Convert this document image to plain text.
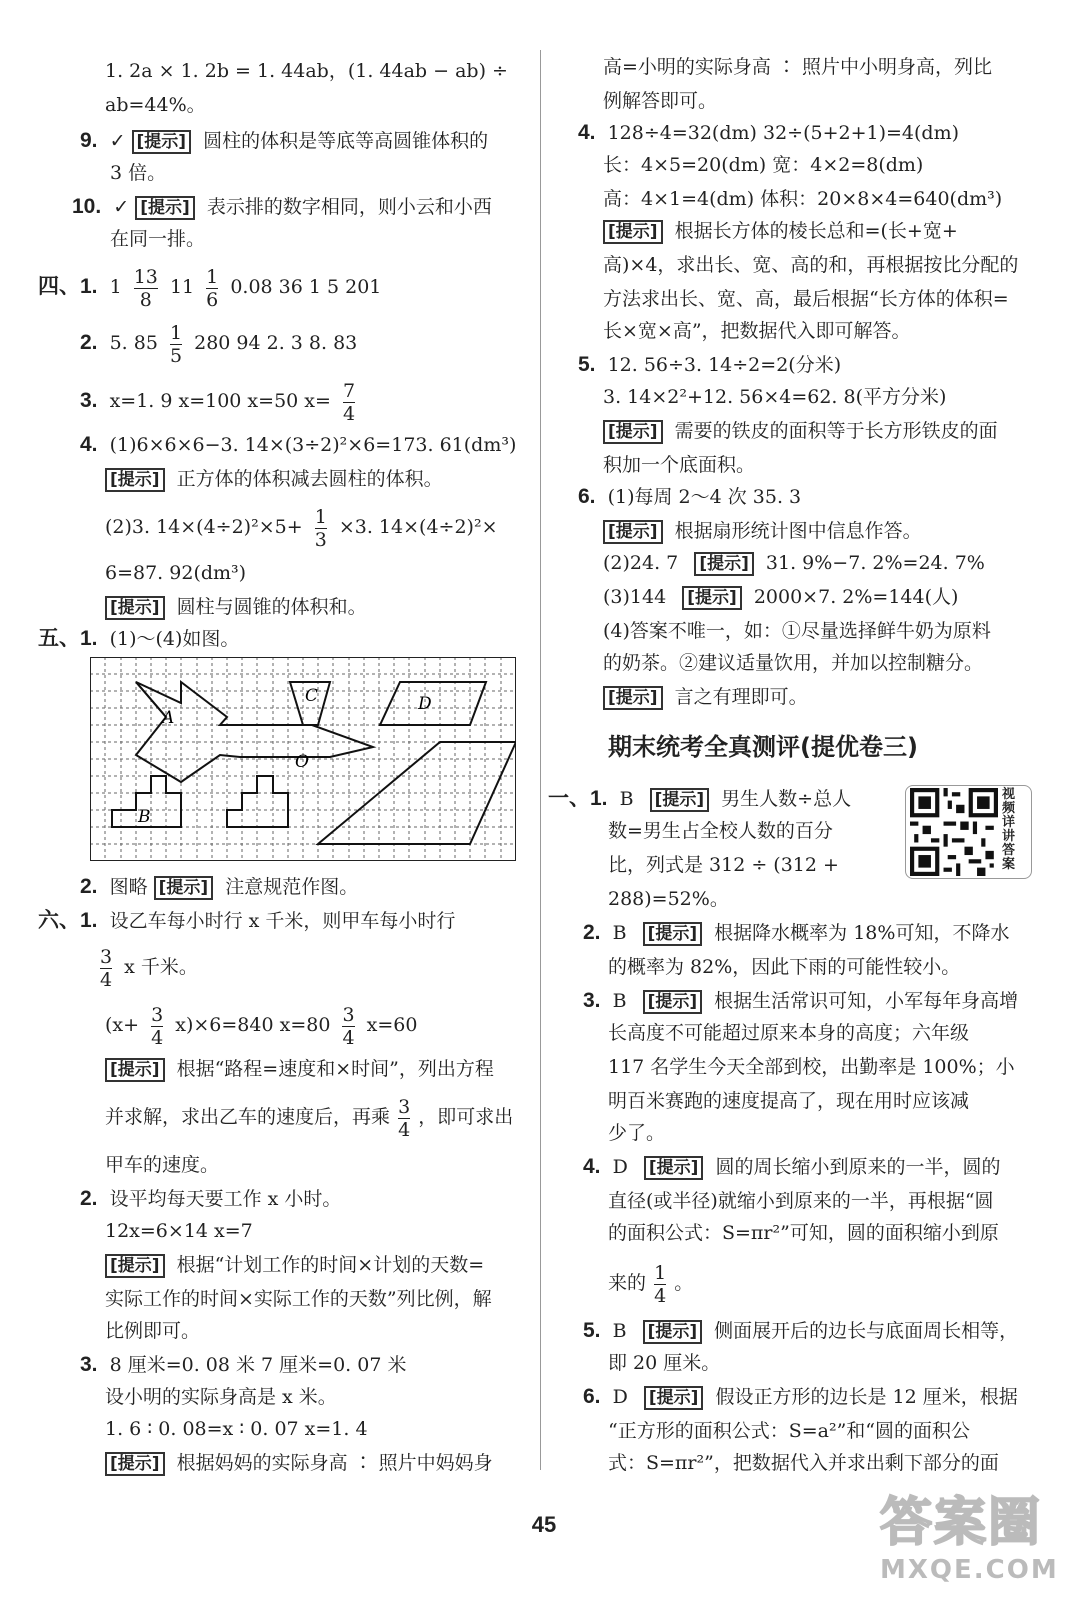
1. 2a × 1. 2b = 1. 44ab，(1. 44ab − ab) ÷
ab=44%。
9. ✓ [提示] 圆柱的体积是等底等高圆锥体积的
3 倍。
10. ✓ [提示] 表示排的数字相同，则小云和小西
在同一排。
四、1. $1 \frac{13}{8} 11 \frac{1}{6} 0.08$ 36 1 5 201
2. 5. $85 \frac{1}{5} 280$ 94 2. 3 8. 83
3. x=1. 9 x=100 x=50 $x= \frac{7}{4}$
4. (1)6×6×6−3. 14×(3÷2)²×6=173. 61(dm³)
[提示] 正方体的体积减去圆柱的体积。
(2)3. $14\times(4\div 2)^2\times 5+ \frac{1}{3} \times 3$. 14×(4÷2)²×
6=87. 92(dm³)
[提示] 圆柱与圆锥的体积和。
五、1. (1)～(4)如图。
A
B
C	D
O
2. 图略 [提示] 注意规范作图。
六、1. 设乙车每小时行 x 千米，则甲车每小时行
$\frac{3}{4}$ x 千米。
$(x+ \frac{3}{4} x)\times 6=840$ $x=80 \frac{3}{4} x=60$
[提示] 根据“路程=速度和×时间”，列出方程
并求解，求出乙车的速度后，再乘 $\frac{3}{4}$ ，即可求出
甲车的速度。
2. 设平均每天要工作 x 小时。
12x=6×14 x=7
[提示] 根据“计划工作的时间×计划的天数=
实际工作的时间×实际工作的天数”列比例，解
比例即可。
3. 8 厘米=0. 08 米 7 厘米=0. 07 米
设小明的实际身高是 x 米。
1. 6 ∶ 0. 08=x ∶ 0. 07 x=1. 4
[提示] 根据妈妈的实际身高 ∶ 照片中妈妈身
高=小明的实际身高 ∶ 照片中小明身高，列比
例解答即可。
4. 128÷4=32(dm) 32÷(5+2+1)=4(dm)
长：4×5=20(dm) 宽：4×2=8(dm)
高：4×1=4(dm) 体积：20×8×4=640(dm³)
[提示] 根据长方体的棱长总和=(长+宽+
高)×4，求出长、宽、高的和，再根据按比分配的
方法求出长、宽、高，最后根据“长方体的体积=
长×宽×高”，把数据代入即可解答。
5. 12. 56÷3. 14÷2=2(分米)
3. 14×2²+12. 56×4=62. 8(平方分米)
[提示] 需要的铁皮的面积等于长方形铁皮的面
积加一个底面积。
6. (1)每周 2～4 次 35. 3
[提示] 根据扇形统计图中信息作答。
(2)24. 7 [提示] 31. 9%−7. 2%=24. 7%
(3)144 [提示] 2000×7. 2%=144(人)
(4)答案不唯一，如：①尽量选择鲜牛奶为原料
的奶茶。②建议适量饮用，并加以控制糖分。
[提示] 言之有理即可。
期末统考全真测评(提优卷三)
一、1. B [提示] 男生人数÷总人
数=男生占全校人数的百分
比，列式是 312 ÷ (312 +
288)=52%。
2. B [提示] 根据降水概率为 18%可知，不降水
的概率为 82%，因此下雨的可能性较小。
3. B [提示] 根据生活常识可知，小军每年身高增
长高度不可能超过原来本身的高度；六年级
117 名学生今天全部到校，出勤率是 100%；小
明百米赛跑的速度提高了，现在用时应该减
少了。
4. D [提示] 圆的周长缩小到原来的一半，圆的
直径(或半径)就缩小到原来的一半，再根据“圆
的面积公式：S=πr²”可知，圆的面积缩小到原
来的 $\frac{1}{4}$ 。
5. B [提示] 侧面展开后的边长与底面周长相等，
即 20 厘米。
6. D [提示] 假设正方形的边长是 12 厘米，根据
“正方形的面积公式：S=a²”和“圆的面积公
式：S=πr²”，把数据代入并求出剩下部分的面
视频详讲答案
45	答案圈
MXQE.COM
